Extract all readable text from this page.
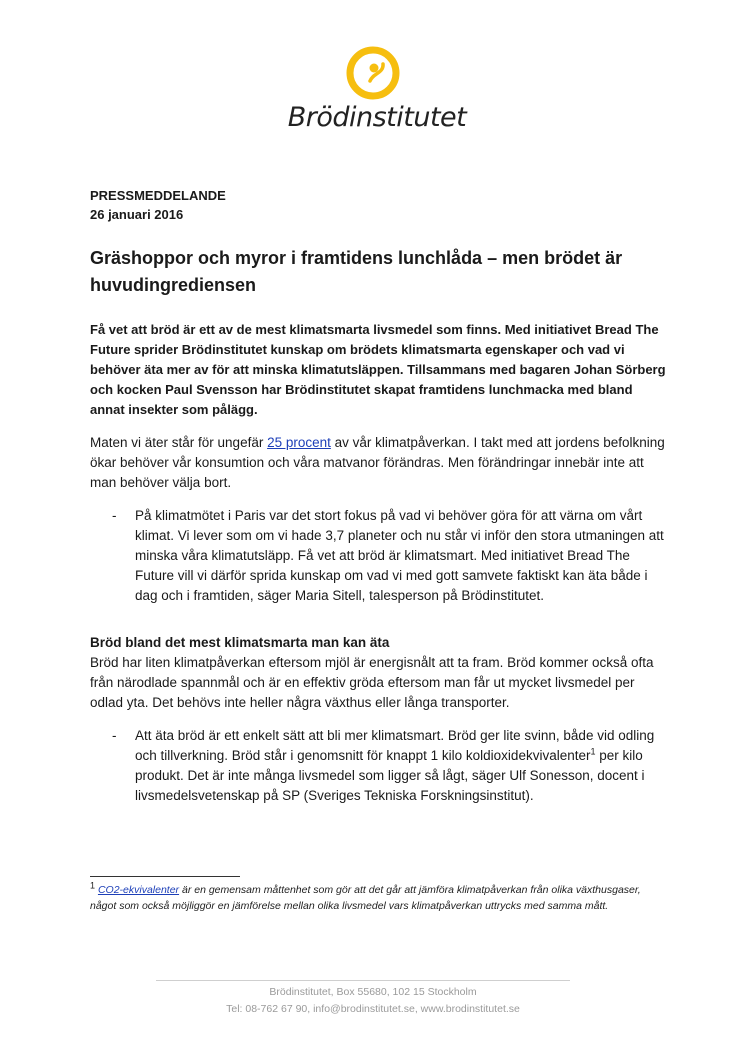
Brödinstitutet
PRESSMEDDELANDE
26 januari 2016
Gräshoppor och myror i framtidens lunchlåda – men brödet är
huvudingrediensen
Få vet att bröd är ett av de mest klimatsmarta livsmedel som finns. Med initiativet Bread The Future sprider Brödinstitutet kunskap om brödets klimatsmarta egenskaper och vad vi behöver äta mer av för att minska klimatutsläppen. Tillsammans med bagaren Johan Sörberg och kocken Paul Svensson har Brödinstitutet skapat framtidens lunchmacka med bland annat insekter som pålägg.
Maten vi äter står för ungefär 25 procent av vår klimatpåverkan. I takt med att jordens befolkning ökar behöver vår konsumtion och våra matvanor förändras. Men förändringar innebär inte att man behöver välja bort.
- På klimatmötet i Paris var det stort fokus på vad vi behöver göra för att värna om vårt klimat. Vi lever som om vi hade 3,7 planeter och nu står vi inför den stora utmaningen att minska våra klimatutsläpp. Få vet att bröd är klimatsmart. Med initiativet Bread The Future vill vi därför sprida kunskap om vad vi med gott samvete faktiskt kan äta både i dag och i framtiden, säger Maria Sitell, talesperson på Brödinstitutet.
Bröd bland det mest klimatsmarta man kan äta
Bröd har liten klimatpåverkan eftersom mjöl är energisnålt att ta fram. Bröd kommer också ofta från närodlade spannmål och är en effektiv gröda eftersom man får ut mycket livsmedel per odlad yta. Det behövs inte heller några växthus eller långa transporter.
- Att äta bröd är ett enkelt sätt att bli mer klimatsmart. Bröd ger lite svinn, både vid odling och tillverkning. Bröd står i genomsnitt för knappt 1 kilo koldioxidekvivalenter$^1$ per kilo produkt. Det är inte många livsmedel som ligger så lågt, säger Ulf Sonesson, docent i livsmedelsvetenskap på SP (Sveriges Tekniska Forskningsinstitut).
$^1$ CO2-ekvivalenter är en gemensam måttenhet som gör att det går att jämföra klimatpåverkan från olika växthusgaser, något som också möjliggör en jämförelse mellan olika livsmedel vars klimatpåverkan uttrycks med samma mått.
Brödinstitutet, Box 55680, 102 15 Stockholm
Tel: 08-762 67 90, info@brodinstitutet.se, www.brodinstitutet.se
